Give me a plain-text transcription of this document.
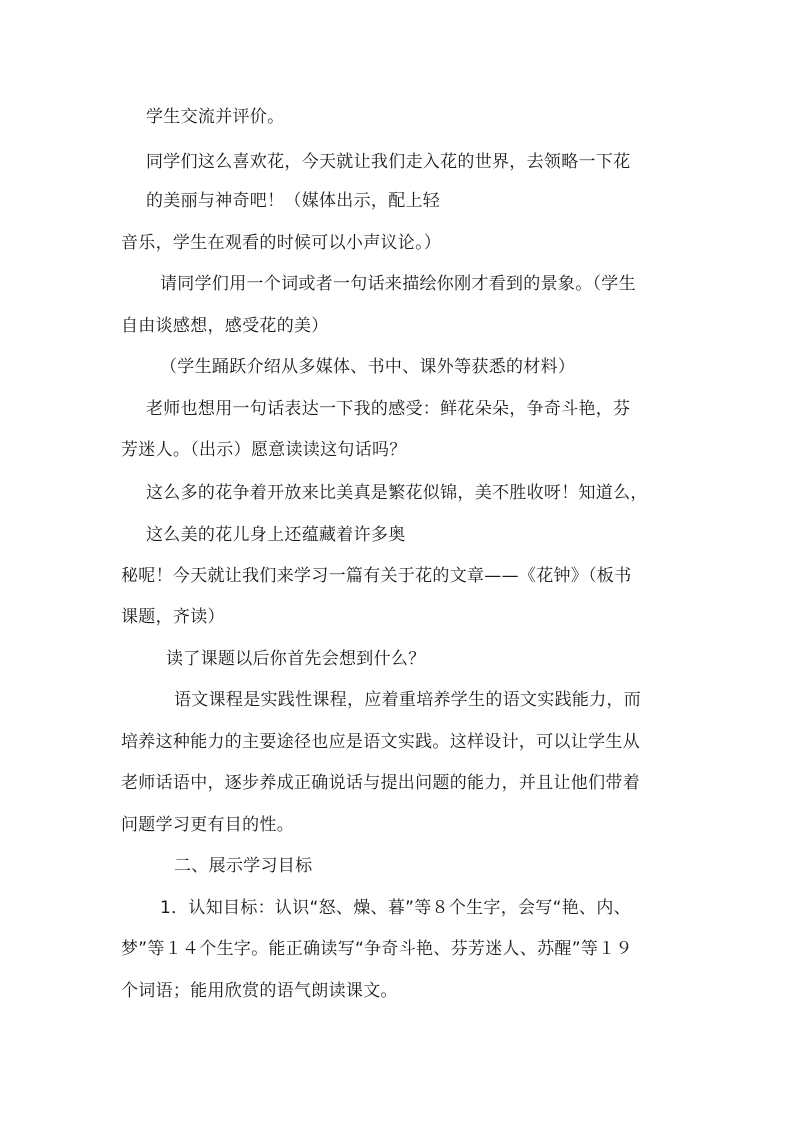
学生交流并评价。
同学们这么喜欢花，今天就让我们走入花的世界，去领略一下花
的美丽与神奇吧！（媒体出示，配上轻
音乐，学生在观看的时候可以小声议论。）
请同学们用一个词或者一句话来描绘你刚才看到的景象。（学生
自由谈感想，感受花的美）
（学生踊跃介绍从多媒体、书中、课外等获悉的材料）
老师也想用一句话表达一下我的感受：鲜花朵朵，争奇斗艳，芬
芳迷人。（出示）愿意读读这句话吗？
这么多的花争着开放来比美真是繁花似锦，美不胜收呀！知道么，
这么美的花儿身上还蕴藏着许多奥
秘呢！今天就让我们来学习一篇有关于花的文章——《花钟》（板书
课题，齐读）
读了课题以后你首先会想到什么？
语文课程是实践性课程，应着重培养学生的语文实践能力，而
培养这种能力的主要途径也应是语文实践。这样设计，可以让学生从
老师话语中，逐步养成正确说话与提出问题的能力，并且让他们带着
问题学习更有目的性。
二、展示学习目标
1．认知目标：认识“怒、燥、暮”等８个生字，会写“艳、内、
梦”等１４个生字。能正确读写“争奇斗艳、芬芳迷人、苏醒”等１９
个词语；能用欣赏的语气朗读课文。
